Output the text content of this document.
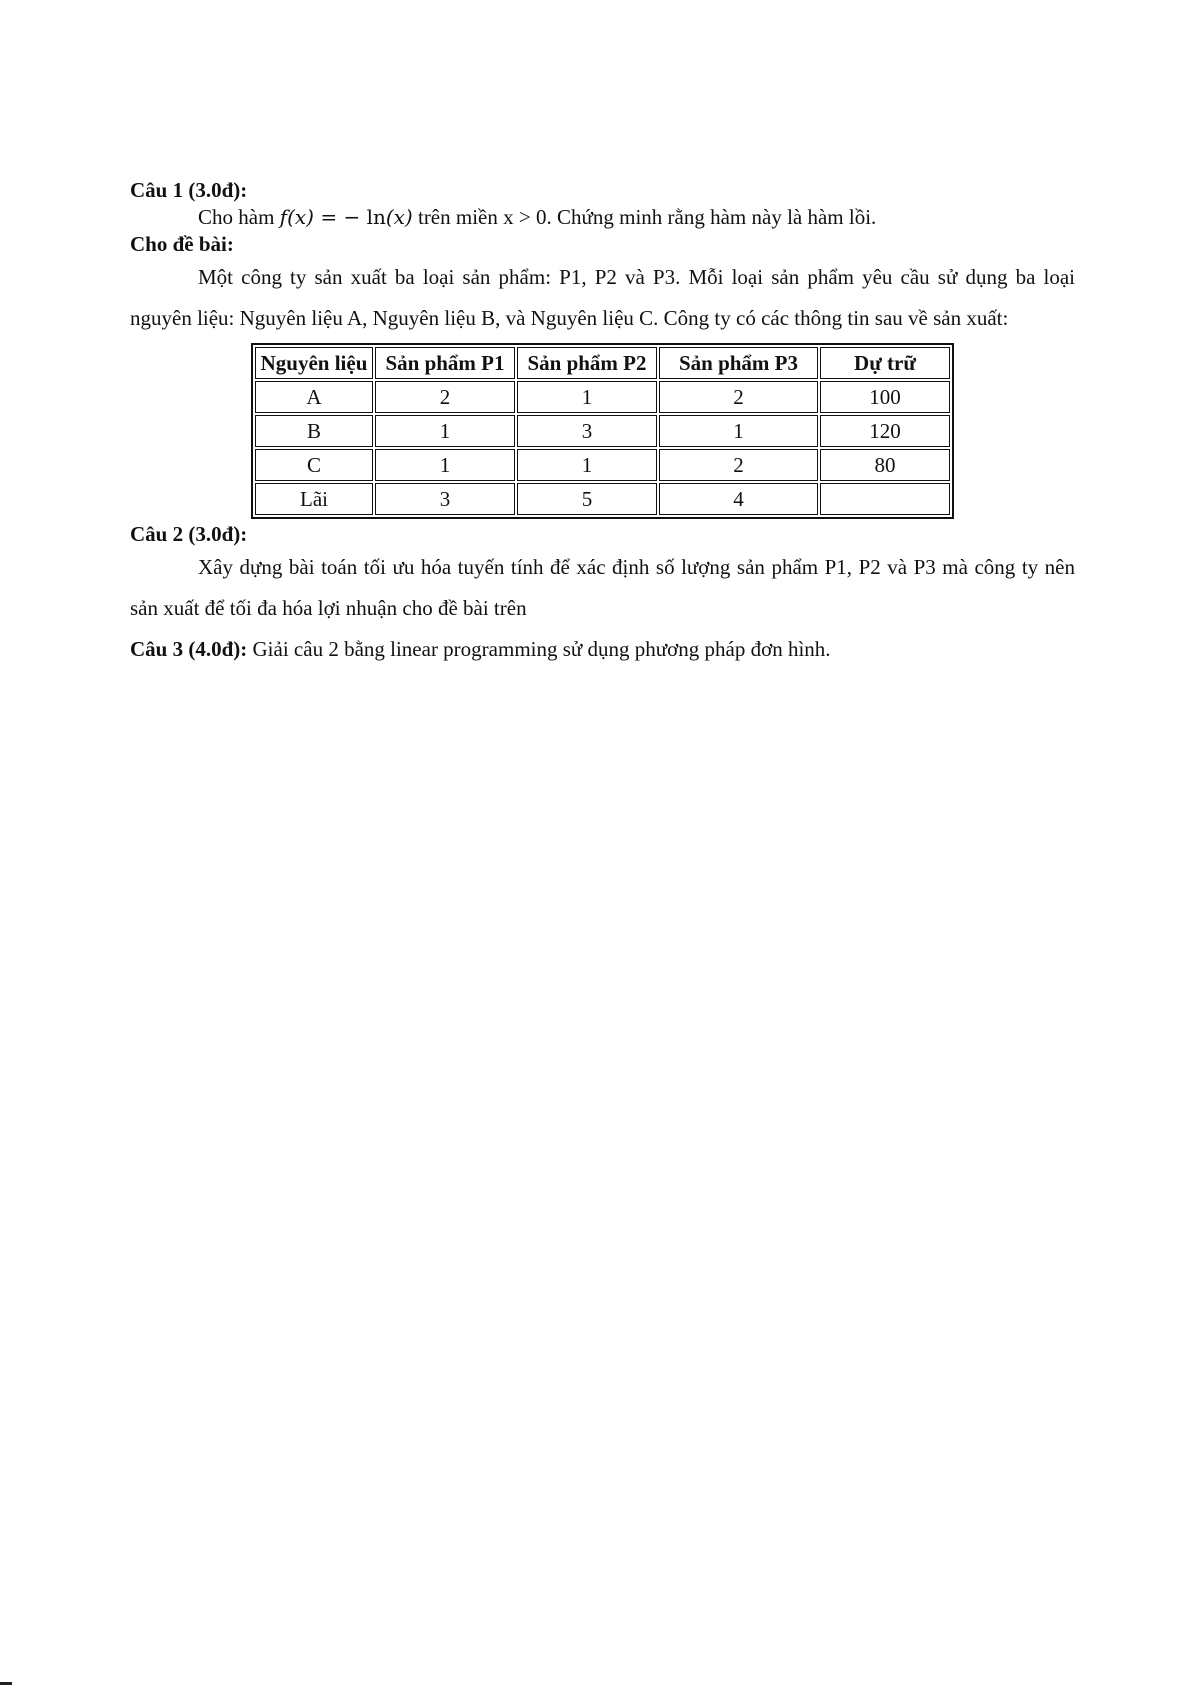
Câu 1 (3.0đ):

Cho hàm f(x) = − ln(x) trên miền x > 0. Chứng minh rằng hàm này là hàm lồi.

Cho đề bài:

Một công ty sản xuất ba loại sản phẩm: P1, P2 và P3. Mỗi loại sản phẩm yêu cầu sử dụng ba loại nguyên liệu: Nguyên liệu A, Nguyên liệu B, và Nguyên liệu C. Công ty có các thông tin sau về sản xuất:

Nguyên liệu	Sản phẩm P1	Sản phẩm P2	Sản phẩm P3	Dự trữ
A	2	1	2	100
B	1	3	1	120
C	1	1	2	80
Lãi	3	5	4	

Câu 2 (3.0đ):

Xây dựng bài toán tối ưu hóa tuyến tính để xác định số lượng sản phẩm P1, P2 và P3 mà công ty nên sản xuất để tối đa hóa lợi nhuận cho đề bài trên

Câu 3 (4.0đ): Giải câu 2 bằng linear programming sử dụng phương pháp đơn hình.
